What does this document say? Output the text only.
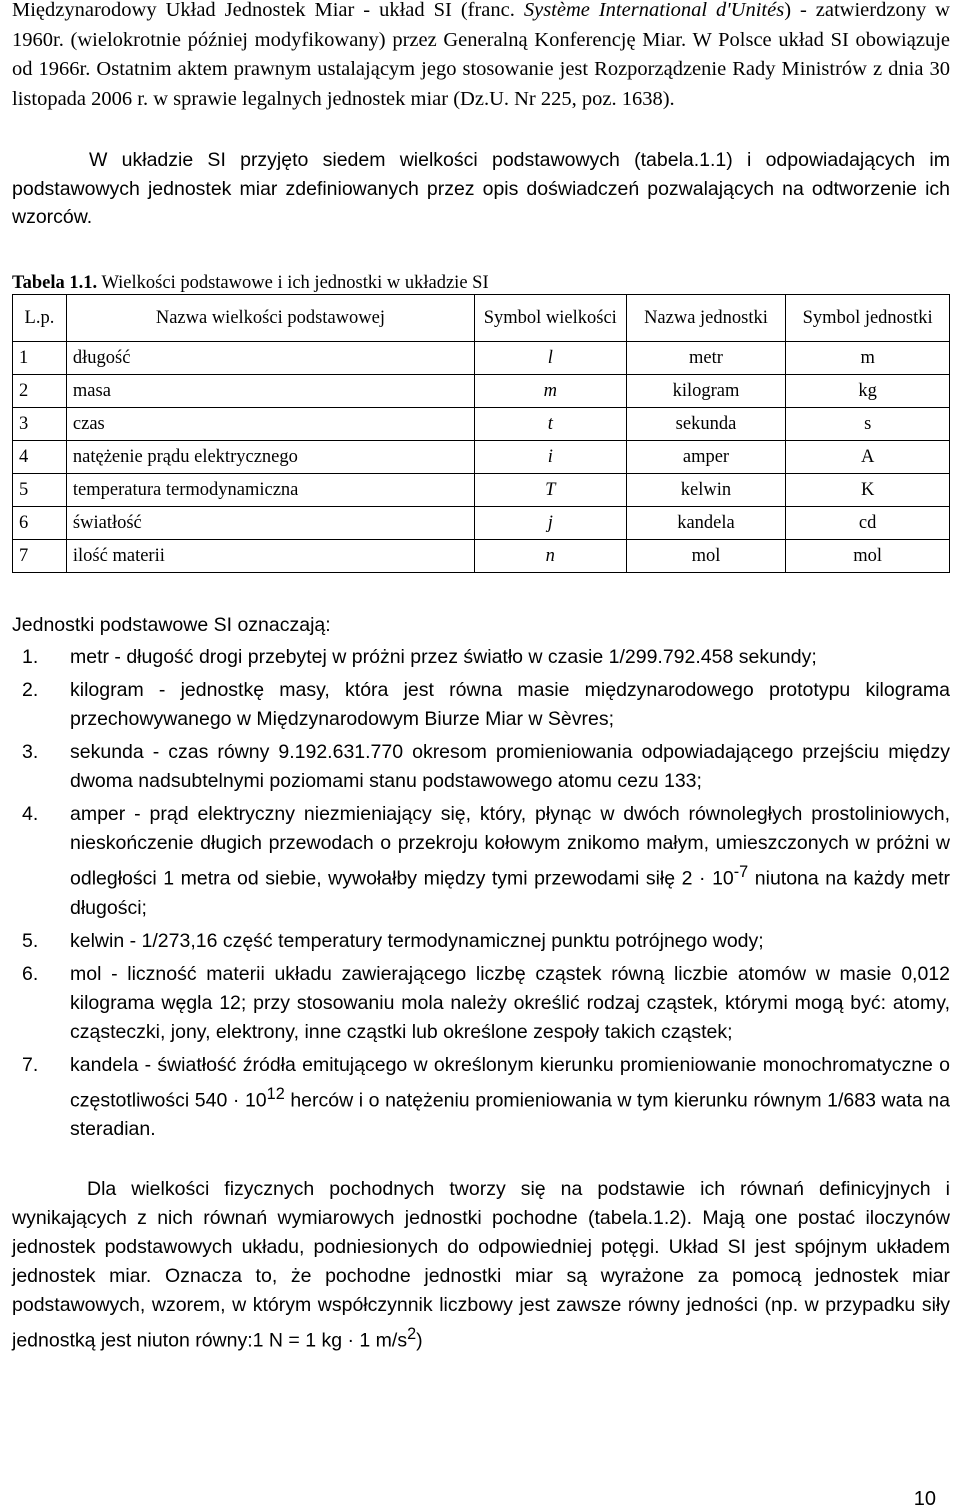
Międzynarodowy Układ Jednostek Miar - układ SI (franc. Système International d'Unités) - zatwierdzony w 1960r. (wielokrotnie później modyfikowany) przez Generalną Konferencję Miar. W Polsce układ SI obowiązuje od 1966r. Ostatnim aktem prawnym ustalającym jego stosowanie jest Rozporządzenie Rady Ministrów z dnia 30 listopada 2006 r. w sprawie legalnych jednostek miar (Dz.U. Nr 225, poz. 1638).

W układzie SI przyjęto siedem wielkości podstawowych (tabela.1.1) i odpowiadających im podstawowych jednostek miar zdefiniowanych przez opis doświadczeń pozwalających na odtworzenie ich wzorców.

Tabela 1.1. Wielkości podstawowe i ich jednostki w układzie SI
L.p.	Nazwa wielkości podstawowej	Symbol wielkości	Nazwa jednostki	Symbol jednostki
1	długość	l	metr	m
2	masa	m	kilogram	kg
3	czas	t	sekunda	s
4	natężenie prądu elektrycznego	i	amper	A
5	temperatura termodynamiczna	T	kelwin	K
6	światłość	j	kandela	cd
7	ilość materii	n	mol	mol
Jednostki podstawowe SI oznaczają:
1. metr - długość drogi przebytej w próżni przez światło w czasie 1/299.792.458 sekundy;
2. kilogram - jednostkę masy, która jest równa masie międzynarodowego prototypu kilograma przechowywanego w Międzynarodowym Biurze Miar w Sèvres;
3. sekunda - czas równy 9.192.631.770 okresom promieniowania odpowiadającego przejściu między dwoma nadsubtelnymi poziomami stanu podstawowego atomu cezu 133;
4. amper - prąd elektryczny niezmieniający się, który, płynąc w dwóch równoległych prostoliniowych, nieskończenie długich przewodach o przekroju kołowym znikomo małym, umieszczonych w próżni w odległości 1 metra od siebie, wywołałby między tymi przewodami siłę $2 \cdot 10^{-7}$ niutona na każdy metr długości;
5. kelwin - 1/273,16 część temperatury termodynamicznej punktu potrójnego wody;
6. mol - liczność materii układu zawierającego liczbę cząstek równą liczbie atomów w masie 0,012 kilograma węgla 12; przy stosowaniu mola należy określić rodzaj cząstek, którymi mogą być: atomy, cząsteczki, jony, elektrony, inne cząstki lub określone zespoły takich cząstek;
7. kandela - światłość źródła emitującego w określonym kierunku promieniowanie monochromatyczne o częstotliwości $540 \cdot 10^{12}$ herców i o natężeniu promieniowania w tym kierunku równym 1/683 wata na steradian.

Dla wielkości fizycznych pochodnych tworzy się na podstawie ich równań definicyjnych i wynikających z nich równań wymiarowych jednostki pochodne (tabela.1.2). Mają one postać iloczynów jednostek podstawowych układu, podniesionych do odpowiedniej potęgi. Układ SI jest spójnym układem jednostek miar. Oznacza to, że pochodne jednostki miar są wyrażone za pomocą jednostek miar podstawowych, wzorem, w którym współczynnik liczbowy jest zawsze równy jedności (np. w przypadku siły jednostką jest niuton równy:1 N = 1 kg · 1 $m/s^2$)

10
